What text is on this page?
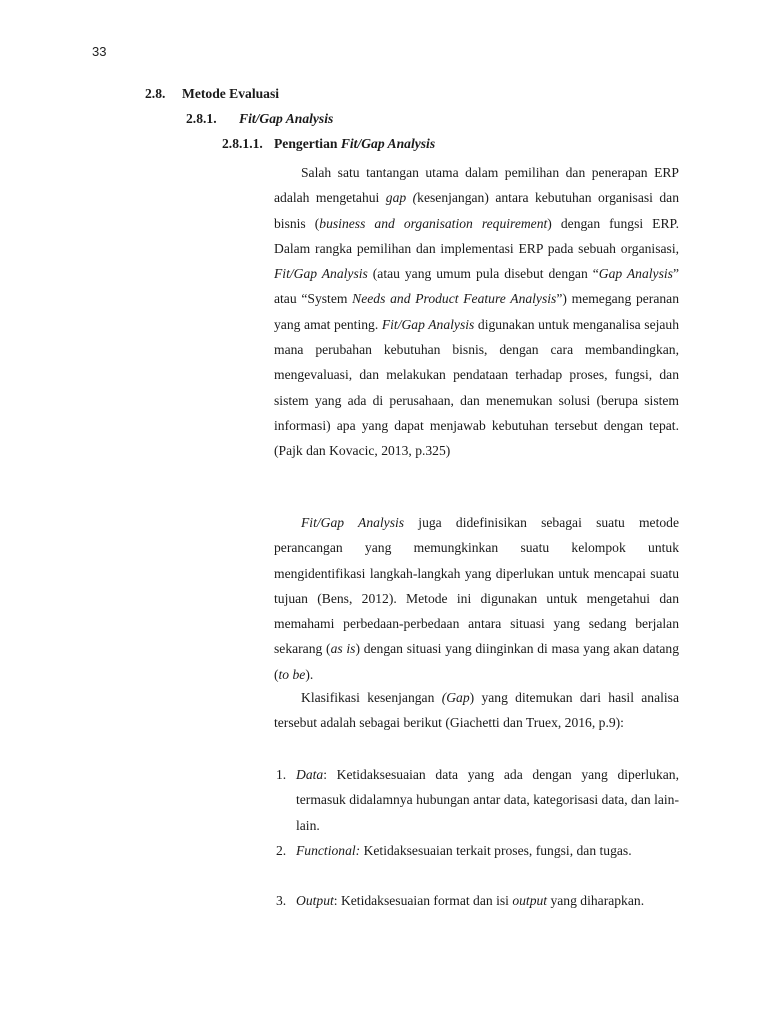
33
2.8. Metode Evaluasi
2.8.1. Fit/Gap Analysis
2.8.1.1. Pengertian Fit/Gap Analysis

Salah satu tantangan utama dalam pemilihan dan penerapan ERP adalah mengetahui gap (kesenjangan) antara kebutuhan organisasi dan bisnis (business and organisation requirement) dengan fungsi ERP. Dalam rangka pemilihan dan implementasi ERP pada sebuah organisasi, Fit/Gap Analysis (atau yang umum pula disebut dengan “Gap Analysis” atau “System Needs and Product Feature Analysis”) memegang peranan yang amat penting. Fit/Gap Analysis digunakan untuk menganalisa sejauh mana perubahan kebutuhan bisnis, dengan cara membandingkan, mengevaluasi, dan melakukan pendataan terhadap proses, fungsi, dan sistem yang ada di perusahaan, dan menemukan solusi (berupa sistem informasi) apa yang dapat menjawab kebutuhan tersebut dengan tepat. (Pajk dan Kovacic, 2013, p.325)

Fit/Gap Analysis juga didefinisikan sebagai suatu metode perancangan yang memungkinkan suatu kelompok untuk mengidentifikasi langkah-langkah yang diperlukan untuk mencapai suatu tujuan (Bens, 2012). Metode ini digunakan untuk mengetahui dan memahami perbedaan-perbedaan antara situasi yang sedang berjalan sekarang (as is) dengan situasi yang diinginkan di masa yang akan datang (to be).

Klasifikasi kesenjangan (Gap) yang ditemukan dari hasil analisa tersebut adalah sebagai berikut (Giachetti dan Truex, 2016, p.9):

1. Data: Ketidaksesuaian data yang ada dengan yang diperlukan, termasuk didalamnya hubungan antar data, kategorisasi data, dan lain-lain.
2. Functional: Ketidaksesuaian terkait proses, fungsi, dan tugas.
3. Output: Ketidaksesuaian format dan isi output yang diharapkan.
